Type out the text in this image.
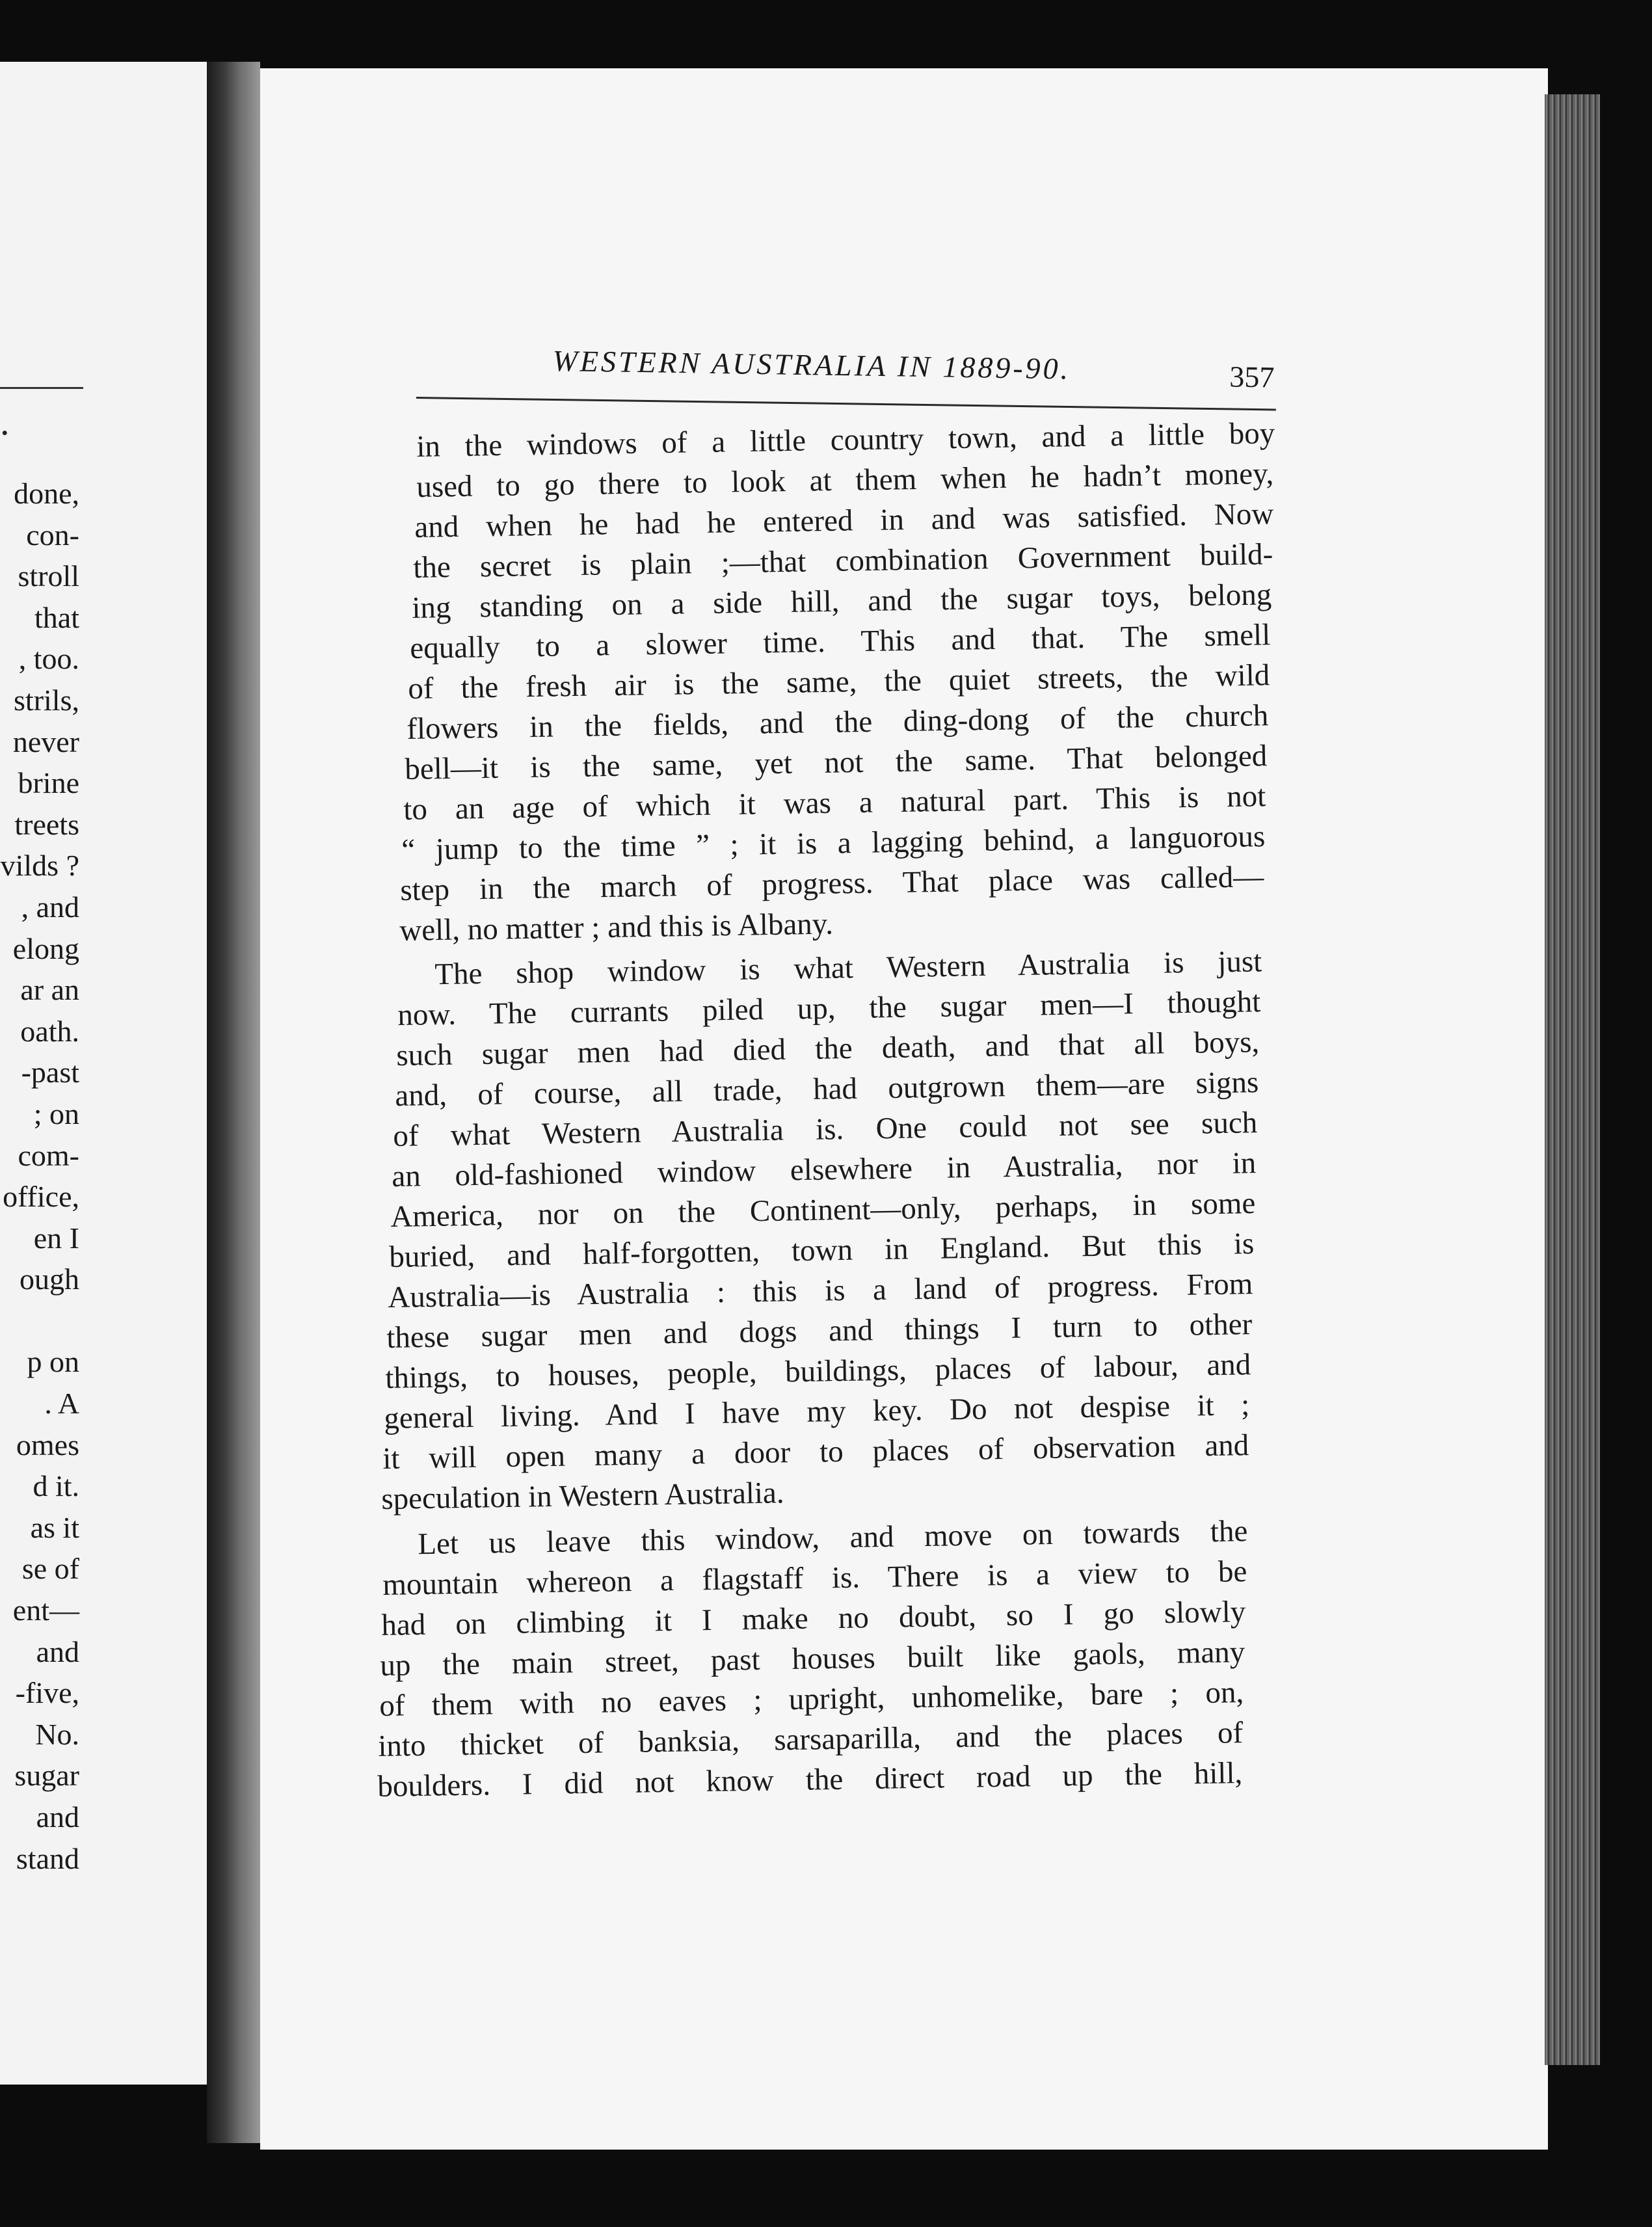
.
done,
con-
stroll
that
, too.
strils,
never
brine
treets
vilds ?
, and
elong
ar an
oath.
-past
; on
com-
office,
en I
ough
p on
. A
omes
d it.
as it
se of
ent—
and
-five,
No.
sugar
and
stand
WESTERN AUSTRALIA IN 1889-90.	357
in the windows of a little country town, and a little boy
used to go there to look at them when he hadn’t money,
and when he had he entered in and was satisfied. Now
the secret is plain ;—that combination Government build-
ing standing on a side hill, and the sugar toys, belong
equally to a slower time. This and that. The smell
of the fresh air is the same, the quiet streets, the wild
flowers in the fields, and the ding-dong of the church
bell—it is the same, yet not the same. That belonged
to an age of which it was a natural part. This is not
“ jump to the time ” ; it is a lagging behind, a languorous
step in the march of progress. That place was called—
well, no matter ; and this is Albany.
The shop window is what Western Australia is just
now. The currants piled up, the sugar men—I thought
such sugar men had died the death, and that all boys,
and, of course, all trade, had outgrown them—are signs
of what Western Australia is. One could not see such
an old-fashioned window elsewhere in Australia, nor in
America, nor on the Continent—only, perhaps, in some
buried, and half-forgotten, town in England. But this is
Australia—is Australia : this is a land of progress. From
these sugar men and dogs and things I turn to other
things, to houses, people, buildings, places of labour, and
general living. And I have my key. Do not despise it ;
it will open many a door to places of observation and
speculation in Western Australia.
Let us leave this window, and move on towards the
mountain whereon a flagstaff is. There is a view to be
had on climbing it I make no doubt, so I go slowly
up the main street, past houses built like gaols, many
of them with no eaves ; upright, unhomelike, bare ; on,
into thicket of banksia, sarsaparilla, and the places of
boulders. I did not know the direct road up the hill,
